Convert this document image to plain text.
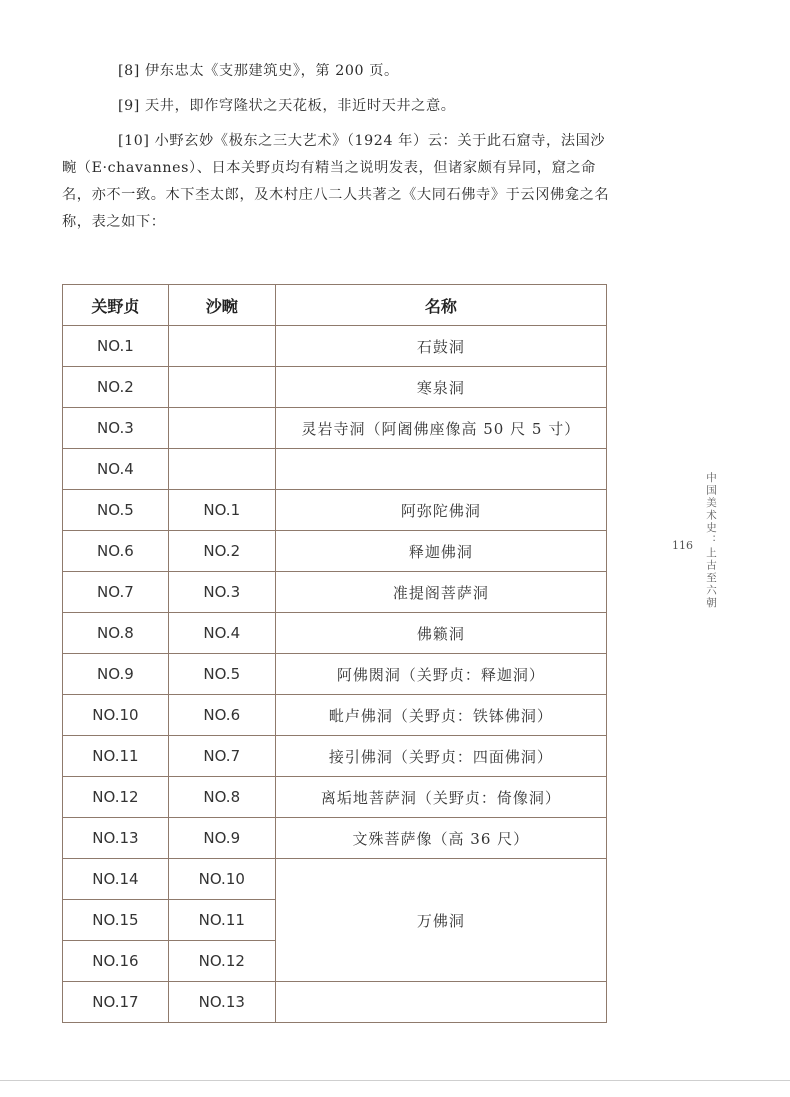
[8] 伊东忠太《支那建筑史》，第 200 页。

[9] 天井，即作穹隆状之天花板，非近时天井之意。

[10] 小野玄妙《极东之三大艺术》（1924 年）云：关于此石窟寺，法国沙畹（E·chavannes）、日本关野贞均有精当之说明发表，但诸家颇有异同，窟之命名，亦不一致。木下杢太郎，及木村庄八二人共著之《大同石佛寺》于云冈佛龛之名称，表之如下：

关野贞	沙畹	名称
NO.1		石鼓洞
NO.2		寒泉洞
NO.3		灵岩寺洞（阿阇佛座像高 50 尺 5 寸）
NO.4		
NO.5	NO.1	阿弥陀佛洞
NO.6	NO.2	释迦佛洞
NO.7	NO.3	准提阁菩萨洞
NO.8	NO.4	佛籁洞
NO.9	NO.5	阿佛閦洞（关野贞：释迦洞）
NO.10	NO.6	毗卢佛洞（关野贞：铁钵佛洞）
NO.11	NO.7	接引佛洞（关野贞：四面佛洞）
NO.12	NO.8	离垢地菩萨洞（关野贞：倚像洞）
NO.13	NO.9	文殊菩萨像（高 36 尺）
NO.14	NO.10	万佛洞
NO.15	NO.11	
NO.16	NO.12	
NO.17	NO.13	
116 中国美术史：上古至六朝
